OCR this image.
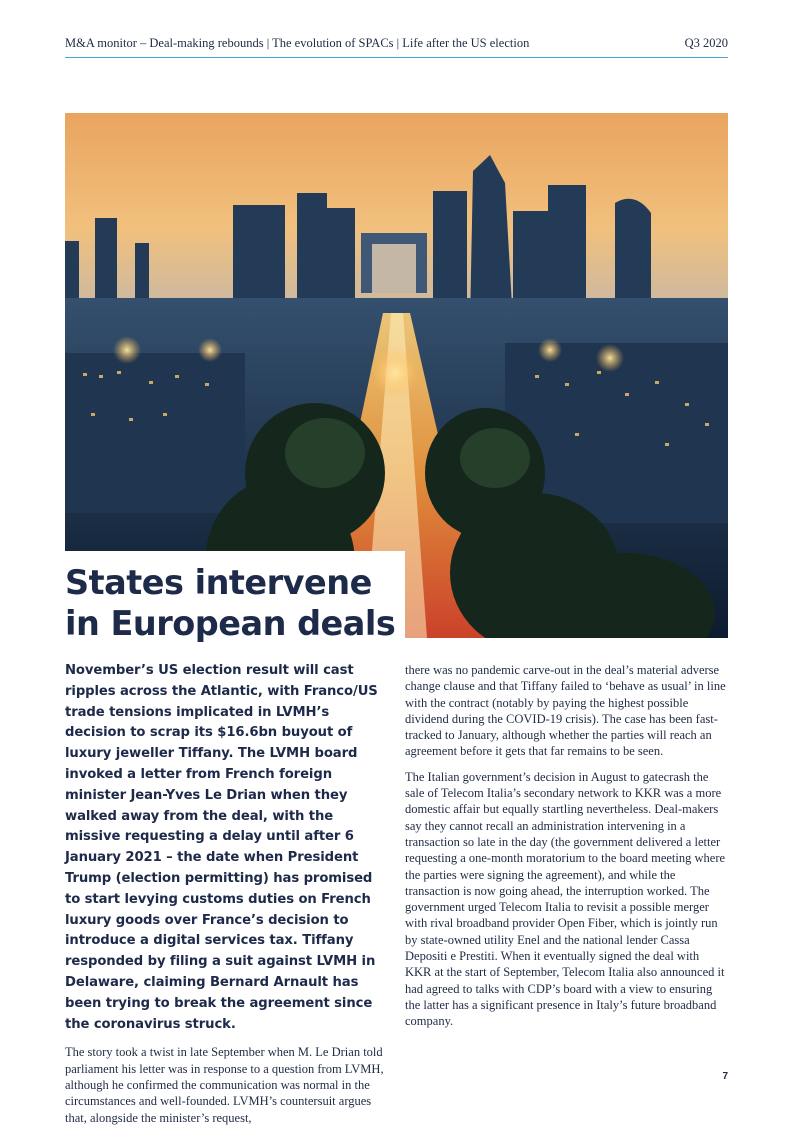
M&A monitor – Deal-making rebounds | The evolution of SPACs | Life after the US election	Q3 2020
States intervene in European deals

November’s US election result will cast ripples across the Atlantic, with Franco/US trade tensions implicated in LVMH’s decision to scrap its $16.6bn buyout of luxury jeweller Tiffany. The LVMH board invoked a letter from French foreign minister Jean-Yves Le Drian when they walked away from the deal, with the missive requesting a delay until after 6 January 2021 – the date when President Trump (election permitting) has promised to start levying customs duties on French luxury goods over France’s decision to introduce a digital services tax. Tiffany responded by filing a suit against LVMH in Delaware, claiming Bernard Arnault has been trying to break the agreement since the coronavirus struck.

The story took a twist in late September when M. Le Drian told parliament his letter was in response to a question from LVMH, although he confirmed the communication was normal in the circumstances and well-founded. LVMH’s countersuit argues that, alongside the minister’s request,

there was no pandemic carve-out in the deal’s material adverse change clause and that Tiffany failed to ‘behave as usual’ in line with the contract (notably by paying the highest possible dividend during the COVID-19 crisis). The case has been fast-tracked to January, although whether the parties will reach an agreement before it gets that far remains to be seen.

The Italian government’s decision in August to gatecrash the sale of Telecom Italia’s secondary network to KKR was a more domestic affair but equally startling nevertheless. Deal-makers say they cannot recall an administration intervening in a transaction so late in the day (the government delivered a letter requesting a one-month moratorium to the board meeting where the parties were signing the agreement), and while the transaction is now going ahead, the interruption worked. The government urged Telecom Italia to revisit a possible merger with rival broadband provider Open Fiber, which is jointly run by state-owned utility Enel and the national lender Cassa Depositi e Prestiti. When it eventually signed the deal with KKR at the start of September, Telecom Italia also announced it had agreed to talks with CDP’s board with a view to ensuring the latter has a significant presence in Italy’s future broadband company.

7
